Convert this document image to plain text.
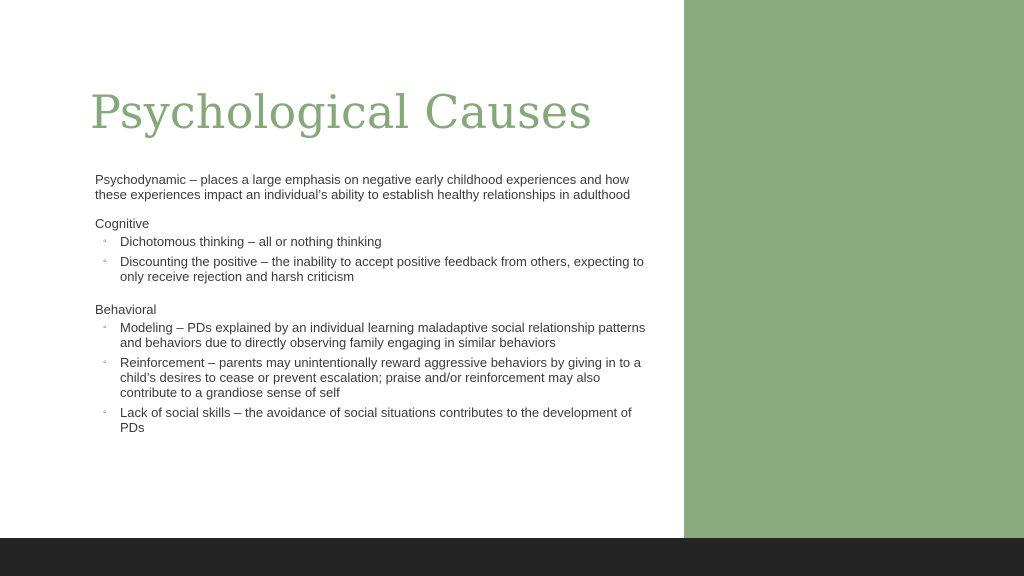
Psychological Causes

Psychodynamic – places a large emphasis on negative early childhood experiences and how these experiences impact an individual’s ability to establish healthy relationships in adulthood

Cognitive

◦ Dichotomous thinking – all or nothing thinking
◦ Discounting the positive – the inability to accept positive feedback from others, expecting to only receive rejection and harsh criticism

Behavioral

◦ Modeling – PDs explained by an individual learning maladaptive social relationship patterns and behaviors due to directly observing family engaging in similar behaviors
◦ Reinforcement – parents may unintentionally reward aggressive behaviors by giving in to a child’s desires to cease or prevent escalation; praise and/or reinforcement may also contribute to a grandiose sense of self
◦ Lack of social skills – the avoidance of social situations contributes to the development of PDs
